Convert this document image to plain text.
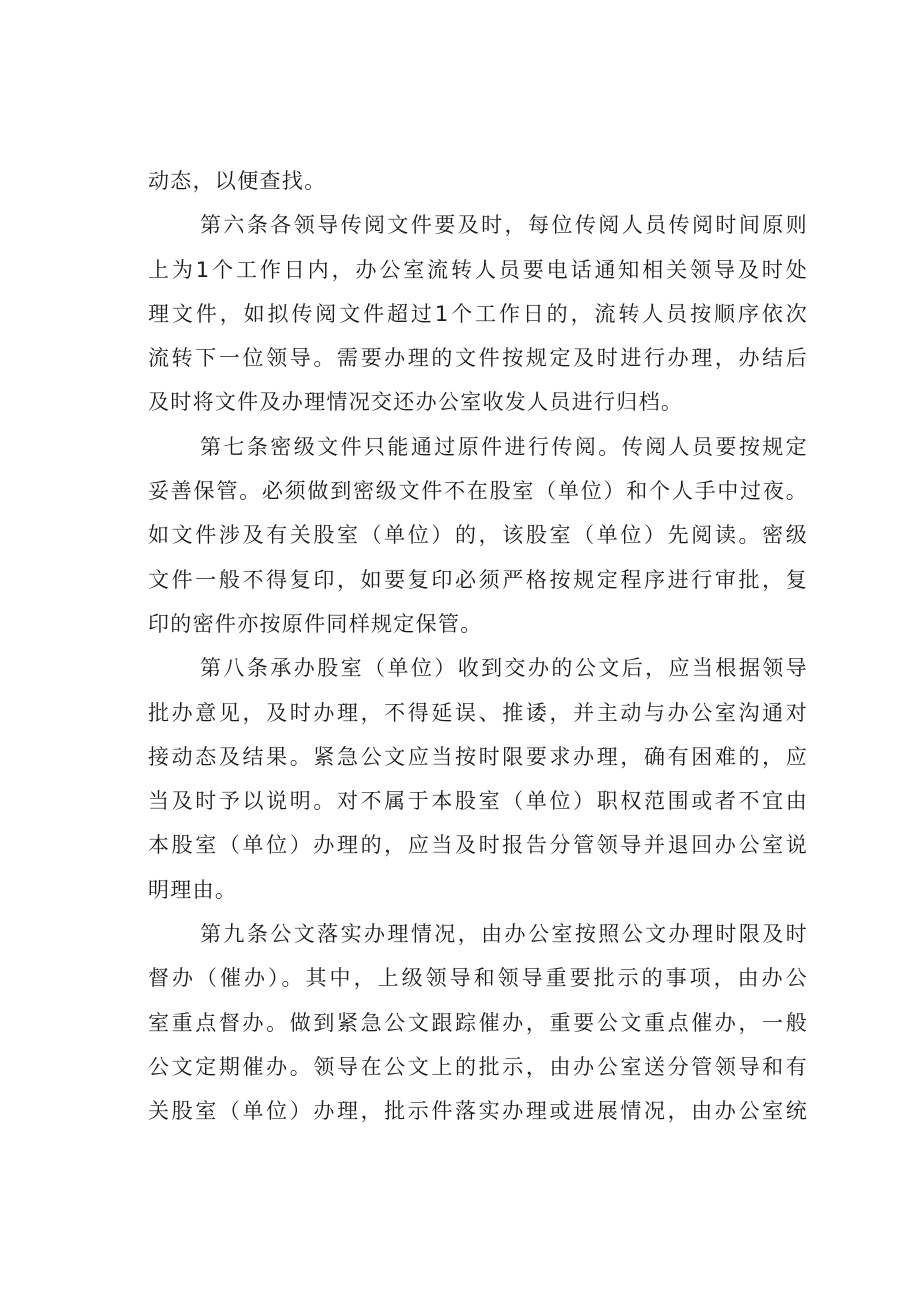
动态，以便查找。
第六条各领导传阅文件要及时，每位传阅人员传阅时间原则
上为1个工作日内，办公室流转人员要电话通知相关领导及时处
理文件，如拟传阅文件超过1个工作日的，流转人员按顺序依次
流转下一位领导。需要办理的文件按规定及时进行办理，办结后
及时将文件及办理情况交还办公室收发人员进行归档。
第七条密级文件只能通过原件进行传阅。传阅人员要按规定
妥善保管。必须做到密级文件不在股室（单位）和个人手中过夜。
如文件涉及有关股室（单位）的，该股室（单位）先阅读。密级
文件一般不得复印，如要复印必须严格按规定程序进行审批，复
印的密件亦按原件同样规定保管。
第八条承办股室（单位）收到交办的公文后，应当根据领导
批办意见，及时办理，不得延误、推诿，并主动与办公室沟通对
接动态及结果。紧急公文应当按时限要求办理，确有困难的，应
当及时予以说明。对不属于本股室（单位）职权范围或者不宜由
本股室（单位）办理的，应当及时报告分管领导并退回办公室说
明理由。
第九条公文落实办理情况，由办公室按照公文办理时限及时
督办（催办）。其中，上级领导和领导重要批示的事项，由办公
室重点督办。做到紧急公文跟踪催办，重要公文重点催办，一般
公文定期催办。领导在公文上的批示，由办公室送分管领导和有
关股室（单位）办理，批示件落实办理或进展情况，由办公室统
